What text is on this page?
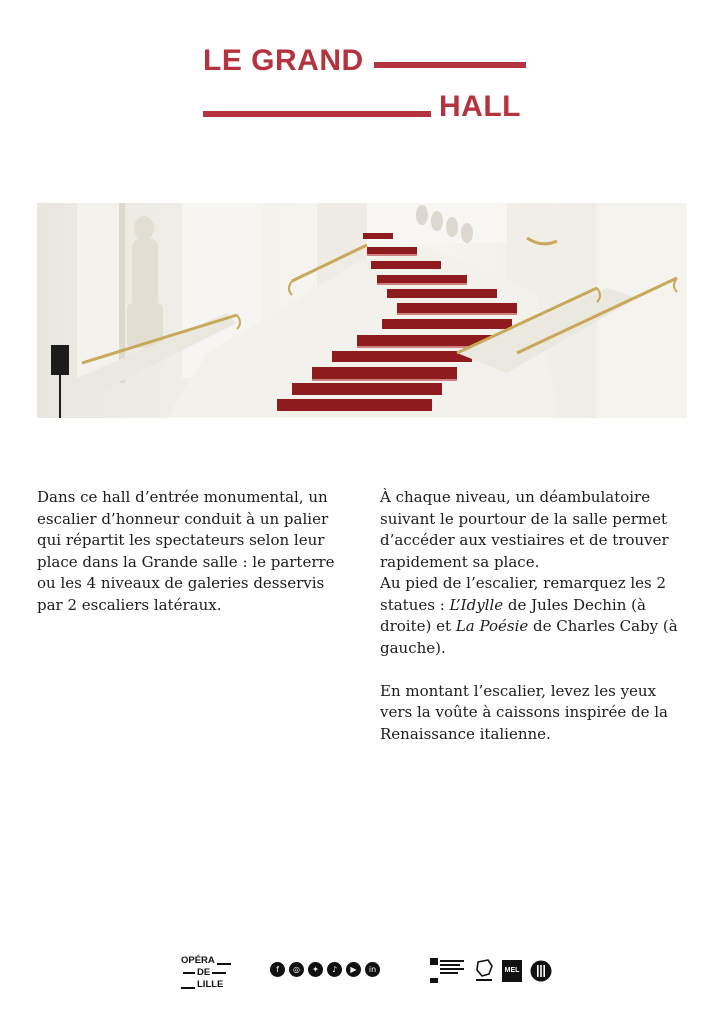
LE GRAND
HALL

Dans ce hall d’entrée monumental, un escalier d’honneur conduit à un palier qui répartit les spectateurs selon leur place dans la Grande salle : le parterre ou les 4 niveaux de galeries desservis par 2 escaliers latéraux.

À chaque niveau, un déambulatoire suivant le pourtour de la salle permet d’accéder aux vestiaires et de trouver rapidement sa place.

Au pied de l’escalier, remarquez les 2 statues : L’Idylle de Jules Dechin (à droite) et La Poésie de Charles Caby (à gauche).

En montant l’escalier, levez les yeux vers la voûte à caissons inspirée de la Renaissance italienne.

OPÉRA
DE
LILLE
f	◎	✦	♪	▶	in	MEL
